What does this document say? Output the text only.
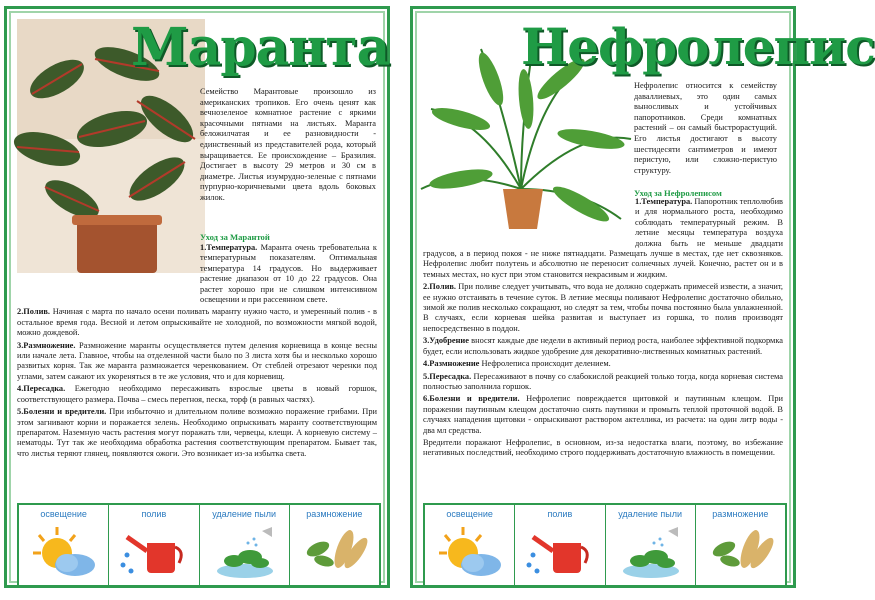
Маранта
Семейство Марантовые произошло из американских тропиков. Его очень ценят как вечнозеленое комнатное растение с яркими красочными пятнами на листьях. Маранта беложилчатая и ее разновидности - единственный из представителей рода, который выращивается. Ее происхождение – Бразилия. Достигает в высоту 29 метров и 30 см в диаметре. Листья изумрудно-зеленые с пятнами пурпурно-коричневыми цвета вдоль боковых жилок.
Уход за Марантой

1.Температура. Маранта очень требовательна к температурным показателям. Оптимальная температура 14 градусов. Но выдерживает растение диапазон от 10 до 22 градусов. Она растет хорошо при не слишком интенсивном освещении и при рассеянном свете.

2.Полив. Начиная с марта по начало осени поливать маранту нужно часто, и умеренный полив - в остальное время года. Весной и летом опрыскивайте не холодной, по возможности мягкой водой, можно дождевой.

3.Размножение. Размножение маранты осуществляется путем деления корневища в конце весны или начале лета. Главное, чтобы на отделенной части было по 3 листа хотя бы и несколько хорошо развитых корня. Так же маранта размножается черенкованием. От стеблей отрезают черенки под углами, затем сажают их укореняться в те же условия, что и для корневищ.

4.Пересадка. Ежегодно необходимо пересаживать взрослые цветы в новый горшок, соответствующего размера. Почва – смесь перегноя, песка, торф (в равных частях).

5.Болезни и вредители. При избыточно и длительном поливе возможно поражение грибами. При этом загнивают корни и поражается зелень. Необходимо опрыскивать маранту соответствующим препаратом. Наземную часть растения могут поражать тли, червецы, клещи. А корневую систему – нематоды. Тут так же необходима обработка растения соответствующим препаратом. Бывает так, что листья теряют глянец, появляются ожоги. Это возникает из-за избытка света.

освещение	полив	удаление пыли	размножение
Нефролепис
Нефролепис относится к семейству даваллиевых, это один самых выносливых и устойчивых папоротников. Среди комнатных растений – он самый быстрорастущий. Его листья достигают в высоту шестидесяти сантиметров и имеют перистую, или сложно-перистую структуру.
Уход за Нефролеписом

1.Температура. Папоротник теплолюбив и для нормального роста, необходимо соблюдать температурный режим. В летние месяцы температура воздуха должна быть не меньше двадцати градусов, а в период покоя - не ниже пятнадцати. Размещать лучше в местах, где нет сквозняков. Нефролепис любит полутень и абсолютно не переносит солнечных лучей. Конечно, растет он и в темных местах, но куст при этом становится некрасивым и жидким.

2.Полив. При поливе следует учитывать, что вода не должно содержать примесей извести, а значит, ее нужно отстаивать в течение суток. В летние месяцы поливают Нефролепис достаточно обильно, зимой же полив несколько сокращают, но следят за тем, чтобы почва постоянно была увлажненной. В случаях, если корневая шейка развитая и выступает из горшка, то полив производят непосредственно в поддон.

3.Удобрение вносят каждые две недели в активный период роста, наиболее эффективной подкормка будет, если использовать жидкое удобрение для декоративно-лиственных комнатных растений.

4.Размножение Нефролеписа происходит делением.

5.Пересадка. Пересаживают в почву со слабокислой реакцией только тогда, когда корневая система полностью заполнила горшок.

6.Болезни и вредители. Нефролепис повреждается щитовкой и паутинным клещом. При поражении паутинным клещом достаточно снять паутинки и промыть теплой проточной водой. В случаях нападения щитовки - опрыскивают раствором актеллика, из расчета: на один литр воды - два мл средства.

Вредители поражают Нефролепис, в основном, из-за недостатка влаги, поэтому, во избежание негативных последствий, необходимо строго поддерживать достаточную влажность в помещении.

освещение	полив	удаление пыли	размножение
